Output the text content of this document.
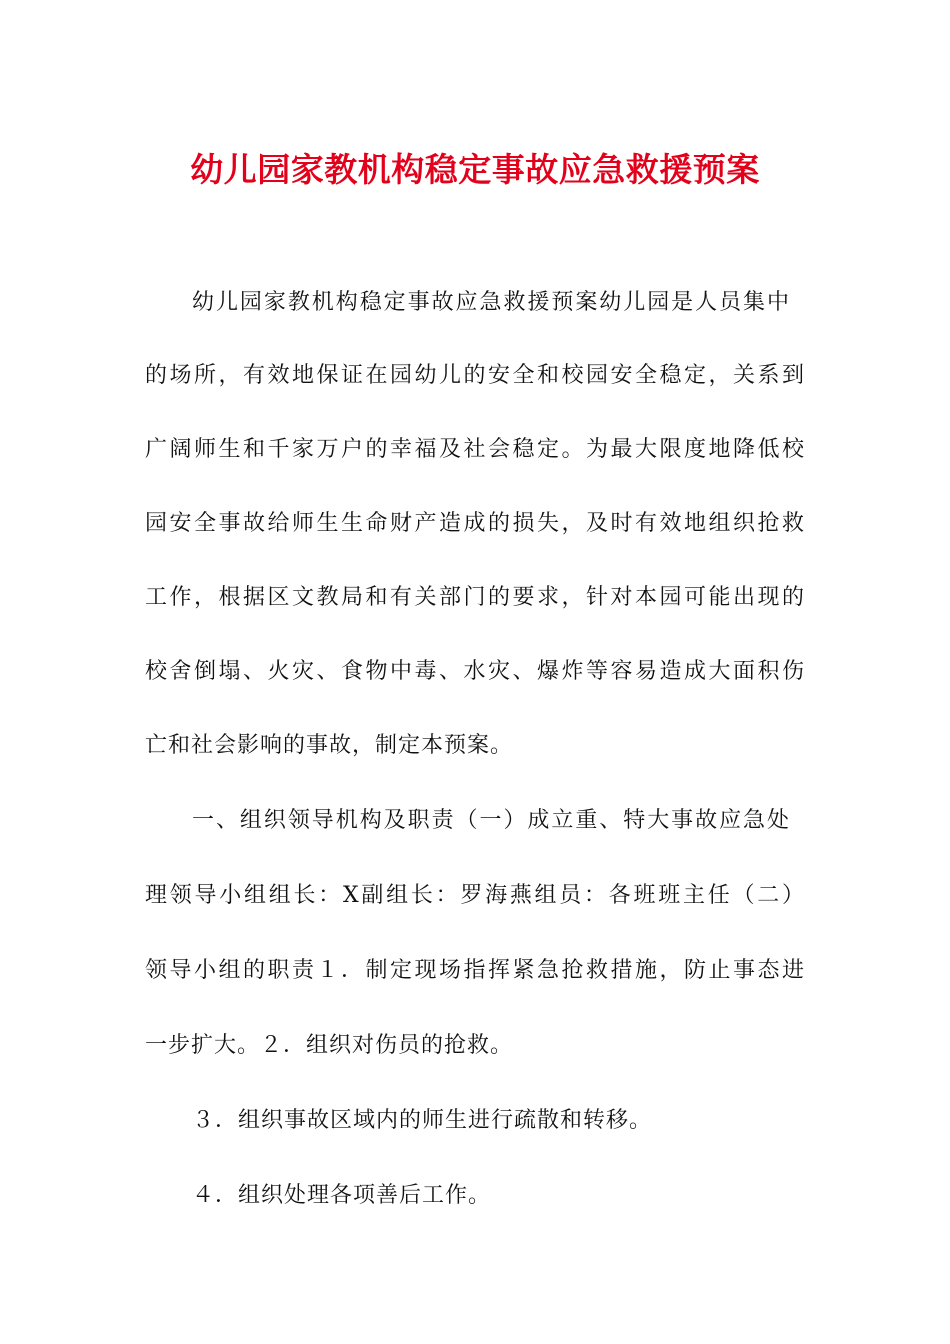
幼儿园家教机构稳定事故应急救援预案
幼儿园家教机构稳定事故应急救援预案幼儿园是人员集中
的场所，有效地保证在园幼儿的安全和校园安全稳定，关系到
广阔师生和千家万户的幸福及社会稳定。为最大限度地降低校
园安全事故给师生生命财产造成的损失，及时有效地组织抢救
工作，根据区文教局和有关部门的要求，针对本园可能出现的
校舍倒塌、火灾、食物中毒、水灾、爆炸等容易造成大面积伤
亡和社会影响的事故，制定本预案。
一、组织领导机构及职责（一）成立重、特大事故应急处
理领导小组组长：X副组长：罗海燕组员：各班班主任（二）
领导小组的职责１．制定现场指挥紧急抢救措施，防止事态进
一步扩大。２．组织对伤员的抢救。
３．组织事故区域内的师生进行疏散和转移。
４．组织处理各项善后工作。
